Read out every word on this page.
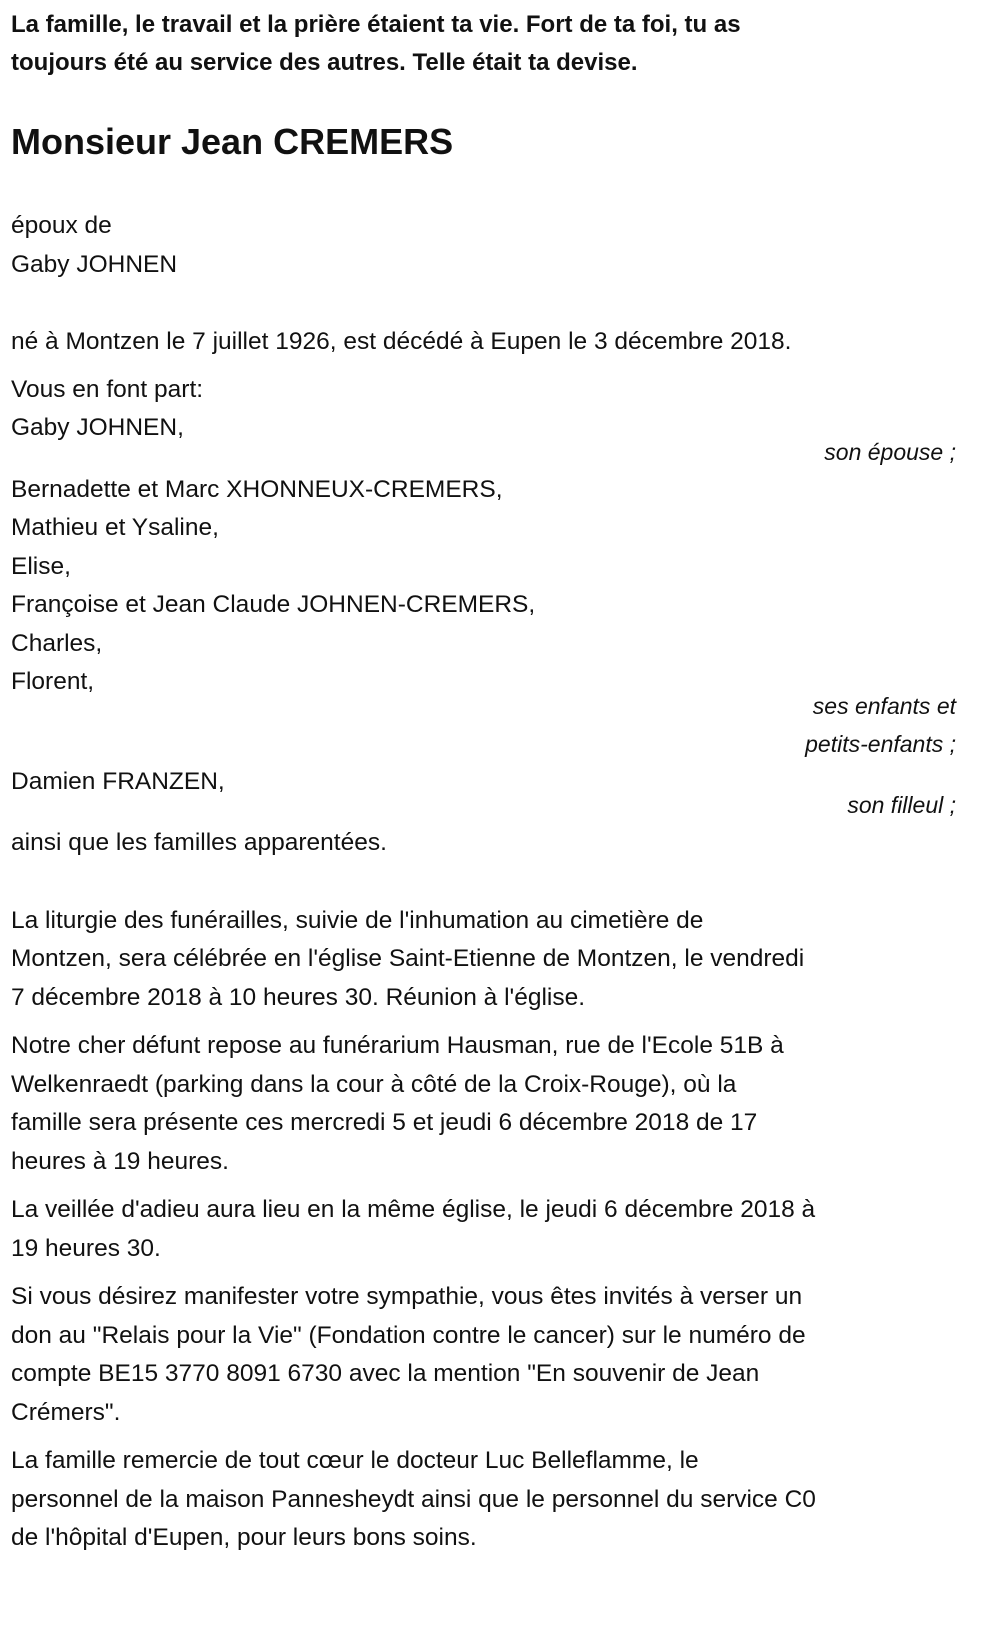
La famille, le travail et la prière étaient ta vie. Fort de ta foi, tu as
toujours été au service des autres. Telle était ta devise.
Monsieur Jean CREMERS
époux de
Gaby JOHNEN
né à Montzen le 7 juillet 1926, est décédé à Eupen le 3 décembre 2018.
Vous en font part:
Gaby JOHNEN,
son épouse ;
Bernadette et Marc XHONNEUX-CREMERS,
Mathieu et Ysaline,
Elise,
Françoise et Jean Claude JOHNEN-CREMERS,
Charles,
Florent,
ses enfants et
petits-enfants ;
Damien FRANZEN,
son filleul ;
ainsi que les familles apparentées.
La liturgie des funérailles, suivie de l'inhumation au cimetière de
Montzen, sera célébrée en l'église Saint-Etienne de Montzen, le vendredi
7 décembre 2018 à 10 heures 30. Réunion à l'église.
Notre cher défunt repose au funérarium Hausman, rue de l'Ecole 51B à
Welkenraedt (parking dans la cour à côté de la Croix-Rouge), où la
famille sera présente ces mercredi 5 et jeudi 6 décembre 2018 de 17
heures à 19 heures.
La veillée d'adieu aura lieu en la même église, le jeudi 6 décembre 2018 à
19 heures 30.
Si vous désirez manifester votre sympathie, vous êtes invités à verser un
don au "Relais pour la Vie" (Fondation contre le cancer) sur le numéro de
compte BE15 3770 8091 6730 avec la mention "En souvenir de Jean
Crémers".
La famille remercie de tout cœur le docteur Luc Belleflamme, le
personnel de la maison Pannesheydt ainsi que le personnel du service C0
de l'hôpital d'Eupen, pour leurs bons soins.
